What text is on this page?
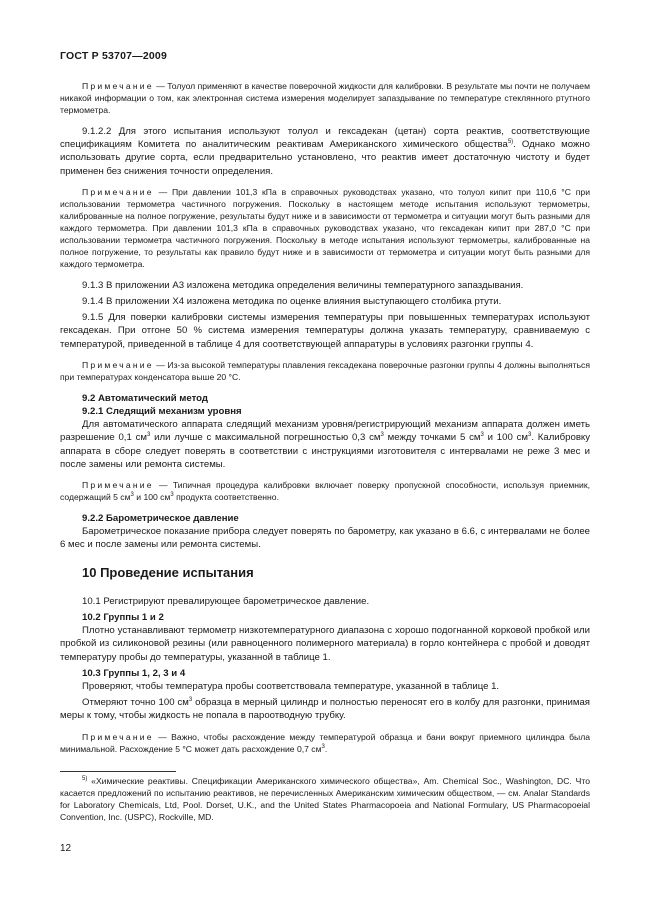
ГОСТ Р 53707—2009

Примечание — Толуол применяют в качестве поверочной жидкости для калибровки. В результате мы почти не получаем никакой информации о том, как электронная система измерения моделирует запаздывание по температуре стеклянного ртутного термометра.

9.1.2.2 Для этого испытания используют толуол и гексадекан (цетан) сорта реактив, соответствующие спецификациям Комитета по аналитическим реактивам Американского химического общества$^{5)}$. Однако можно использовать другие сорта, если предварительно установлено, что реактив имеет достаточную чистоту и будет применен без снижения точности определения.

Примечание — При давлении 101,3 кПа в справочных руководствах указано, что толуол кипит при 110,6 °С при использовании термометра частичного погружения. Поскольку в настоящем методе испытания используют термометры, калиброванные на полное погружение, результаты будут ниже и в зависимости от термометра и ситуации могут быть разными для каждого термометра. При давлении 101,3 кПа в справочных руководствах указано, что гексадекан кипит при 287,0 °С при использовании термометра частичного погружения. Поскольку в методе испытания используют термометры, калиброванные на полное погружение, то результаты как правило будут ниже и в зависимости от термометра и ситуации могут быть разными для каждого термометра.

9.1.3 В приложении А3 изложена методика определения величины температурного запаздывания.

9.1.4 В приложении Х4 изложена методика по оценке влияния выступающего столбика ртути.

9.1.5 Для поверки калибровки системы измерения температуры при повышенных температурах используют гексадекан. При отгоне 50 % система измерения температуры должна указать температуру, сравниваемую с температурой, приведенной в таблице 4 для соответствующей аппаратуры в условиях разгонки группы 4.

Примечание — Из-за высокой температуры плавления гексадекана поверочные разгонки группы 4 должны выполняться при температурах конденсатора выше 20 °С.

9.2 Автоматический метод

9.2.1 Следящий механизм уровня

Для автоматического аппарата следящий механизм уровня/регистрирующий механизм аппарата должен иметь разрешение 0,1 $см^3$ или лучше с максимальной погрешностью 0,3 $см^3$ между точками 5 $см^3$ и 100 $см^3$. Калибровку аппарата в сборе следует поверять в соответствии с инструкциями изготовителя с интервалами не реже 3 мес и после замены или ремонта системы.

Примечание — Типичная процедура калибровки включает поверку пропускной способности, используя приемник, содержащий 5 $см^3$ и 100 $см^3$ продукта соответственно.

9.2.2 Барометрическое давление

Барометрическое показание прибора следует поверять по барометру, как указано в 6.6, с интервалами не более 6 мес и после замены или ремонта системы.

10 Проведение испытания

10.1 Регистрируют превалирующее барометрическое давление.

10.2 Группы 1 и 2

Плотно устанавливают термометр низкотемпературного диапазона с хорошо подогнанной корковой пробкой или пробкой из силиконовой резины (или равноценного полимерного материала) в горло контейнера с пробой и доводят температуру пробы до температуры, указанной в таблице 1.

10.3 Группы 1, 2, 3 и 4

Проверяют, чтобы температура пробы соответствовала температуре, указанной в таблице 1.

Отмеряют точно 100 $см^3$ образца в мерный цилиндр и полностью переносят его в колбу для разгонки, принимая меры к тому, чтобы жидкость не попала в пароотводную трубку.

Примечание — Важно, чтобы расхождение между температурой образца и бани вокруг приемного цилиндра была минимальной. Расхождение 5 °С может дать расхождение 0,7 $см^3$.

$^{5)}$ «Химические реактивы. Спецификации Американского химического общества», Am. Chemical Soc., Washington, DC. Что касается предложений по испытанию реактивов, не перечисленных Американским химическим обществом, — см. Analar Standards for Laboratory Chemicals, Ltd, Pool. Dorset, U.K., and the United States Pharmacopoeia and National Formulary, US Pharmacopoeial Convention, Inc. (USPC), Rockville, MD.

12
